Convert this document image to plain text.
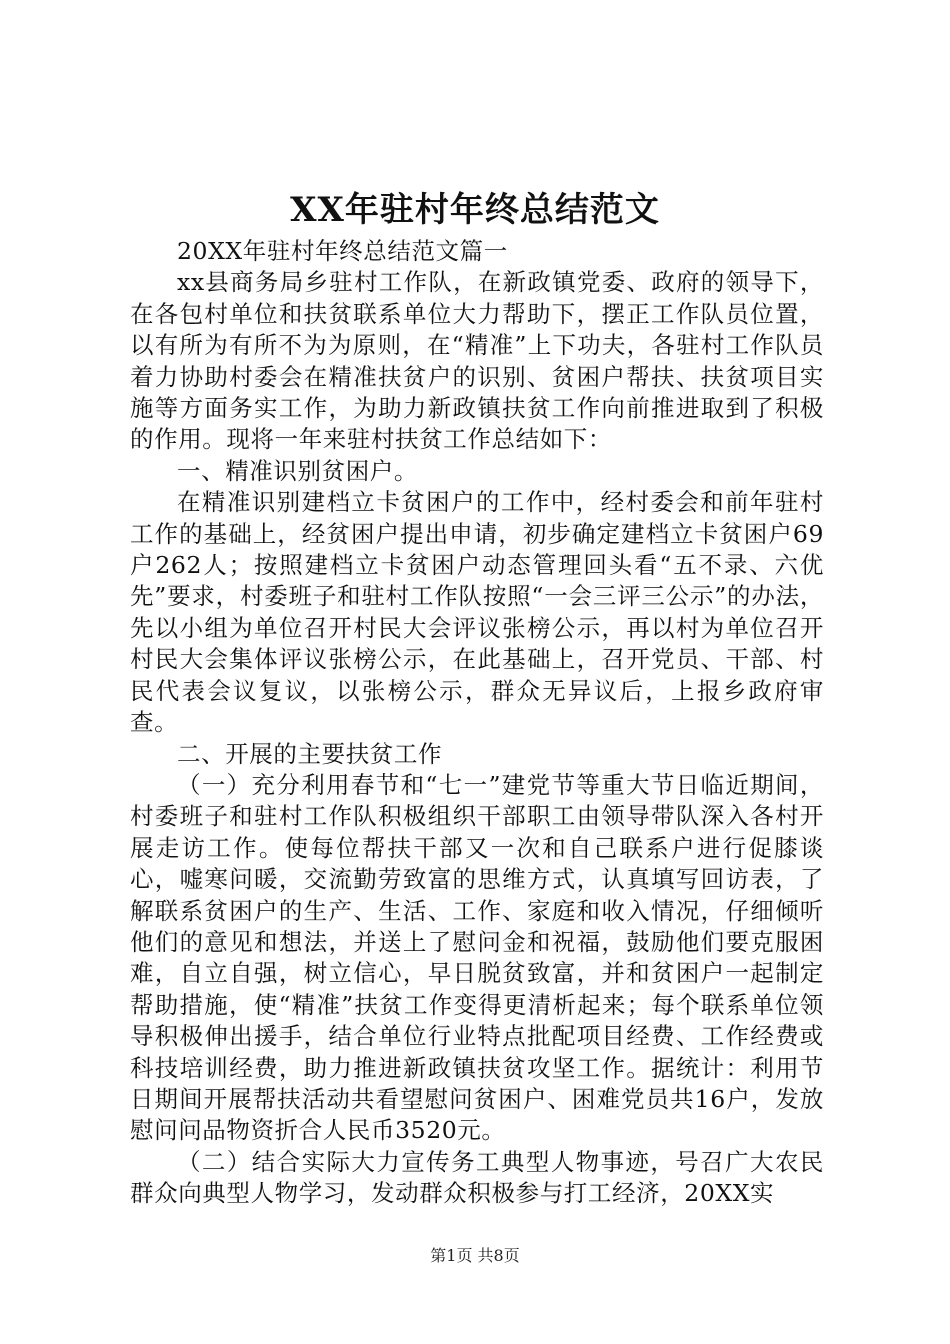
XX年驻村年终总结范文

20XX年驻村年终总结范文篇一

xx县商务局乡驻村工作队，在新政镇党委、政府的领导下，在各包村单位和扶贫联系单位大力帮助下，摆正工作队员位置，以有所为有所不为为原则，在“精准”上下功夫，各驻村工作队员着力协助村委会在精准扶贫户的识别、贫困户帮扶、扶贫项目实施等方面务实工作，为助力新政镇扶贫工作向前推进取到了积极的作用。现将一年来驻村扶贫工作总结如下：

一、精准识别贫困户。

在精准识别建档立卡贫困户的工作中，经村委会和前年驻村工作的基础上，经贫困户提出申请，初步确定建档立卡贫困户69户262人；按照建档立卡贫困户动态管理回头看“五不录、六优先”要求，村委班子和驻村工作队按照“一会三评三公示”的办法，先以小组为单位召开村民大会评议张榜公示，再以村为单位召开村民大会集体评议张榜公示，在此基础上，召开党员、干部、村民代表会议复议，以张榜公示，群众无异议后，上报乡政府审查。

二、开展的主要扶贫工作

（一）充分利用春节和“七一”建党节等重大节日临近期间，村委班子和驻村工作队积极组织干部职工由领导带队深入各村开展走访工作。使每位帮扶干部又一次和自己联系户进行促膝谈心，嘘寒问暖，交流勤劳致富的思维方式，认真填写回访表，了解联系贫困户的生产、生活、工作、家庭和收入情况，仔细倾听他们的意见和想法，并送上了慰问金和祝福，鼓励他们要克服困难，自立自强，树立信心，早日脱贫致富，并和贫困户一起制定帮助措施，使“精准”扶贫工作变得更清析起来；每个联系单位领导积极伸出援手，结合单位行业特点批配项目经费、工作经费或科技培训经费，助力推进新政镇扶贫攻坚工作。据统计：利用节日期间开展帮扶活动共看望慰问贫困户、困难党员共16户，发放慰问问品物资折合人民币3520元。

（二）结合实际大力宣传务工典型人物事迹，号召广大农民群众向典型人物学习，发动群众积极参与打工经济，20XX实

第1页 共8页
